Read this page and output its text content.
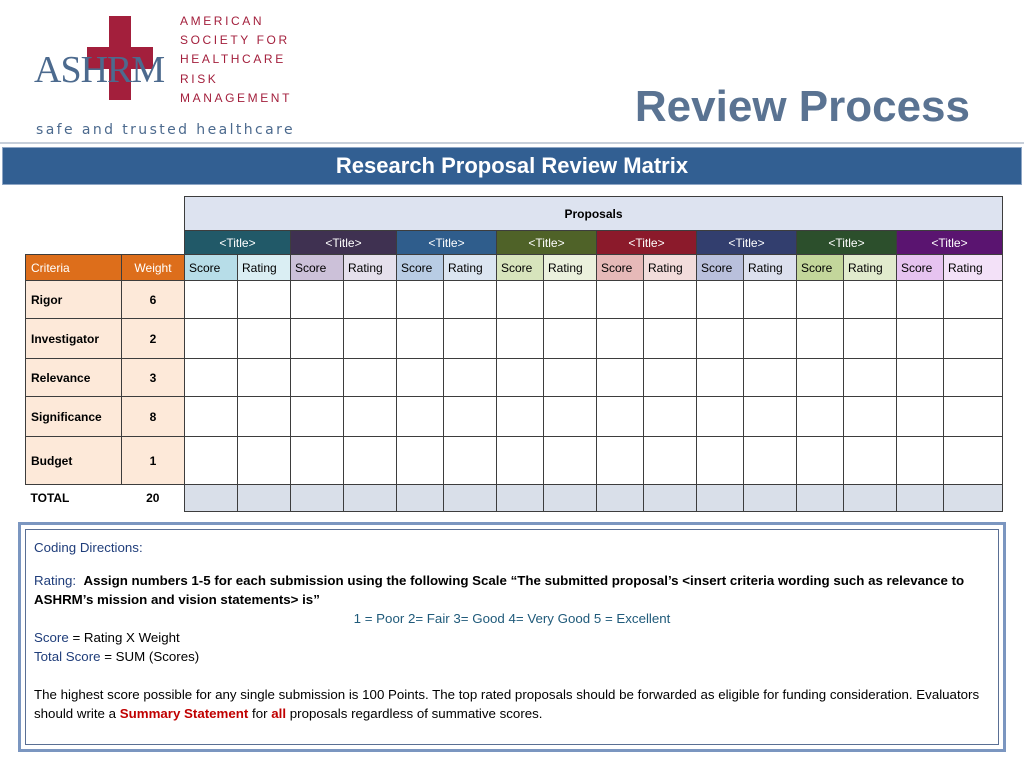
ASHRM
AMERICAN
SOCIETY FOR
HEALTHCARE
RISK
MANAGEMENT
safe and trusted healthcare	Review Process
Research Proposal Review Matrix
		Proposals															
		<Title>		<Title>		<Title>		<Title>		<Title>		<Title>		<Title>		<Title>	
Criteria	Weight	Score	Rating	Score	Rating	Score	Rating	Score	Rating	Score	Rating	Score	Rating	Score	Rating	Score	Rating
Rigor	6																
Investigator	2																
Relevance	3																
Significance	8																
Budget	1																
TOTAL	20																

Coding Directions:

Rating: Assign numbers 1-5 for each submission using the following Scale “The submitted proposal’s <insert criteria wording such as relevance to ASHRM’s mission and vision statements> is”

1 = Poor 2= Fair 3= Good 4= Very Good 5 = Excellent

Score = Rating X Weight

Total Score = SUM (Scores)

The highest score possible for any single submission is 100 Points. The top rated proposals should be forwarded as eligible for funding consideration. Evaluators should write a Summary Statement for all proposals regardless of summative scores.
